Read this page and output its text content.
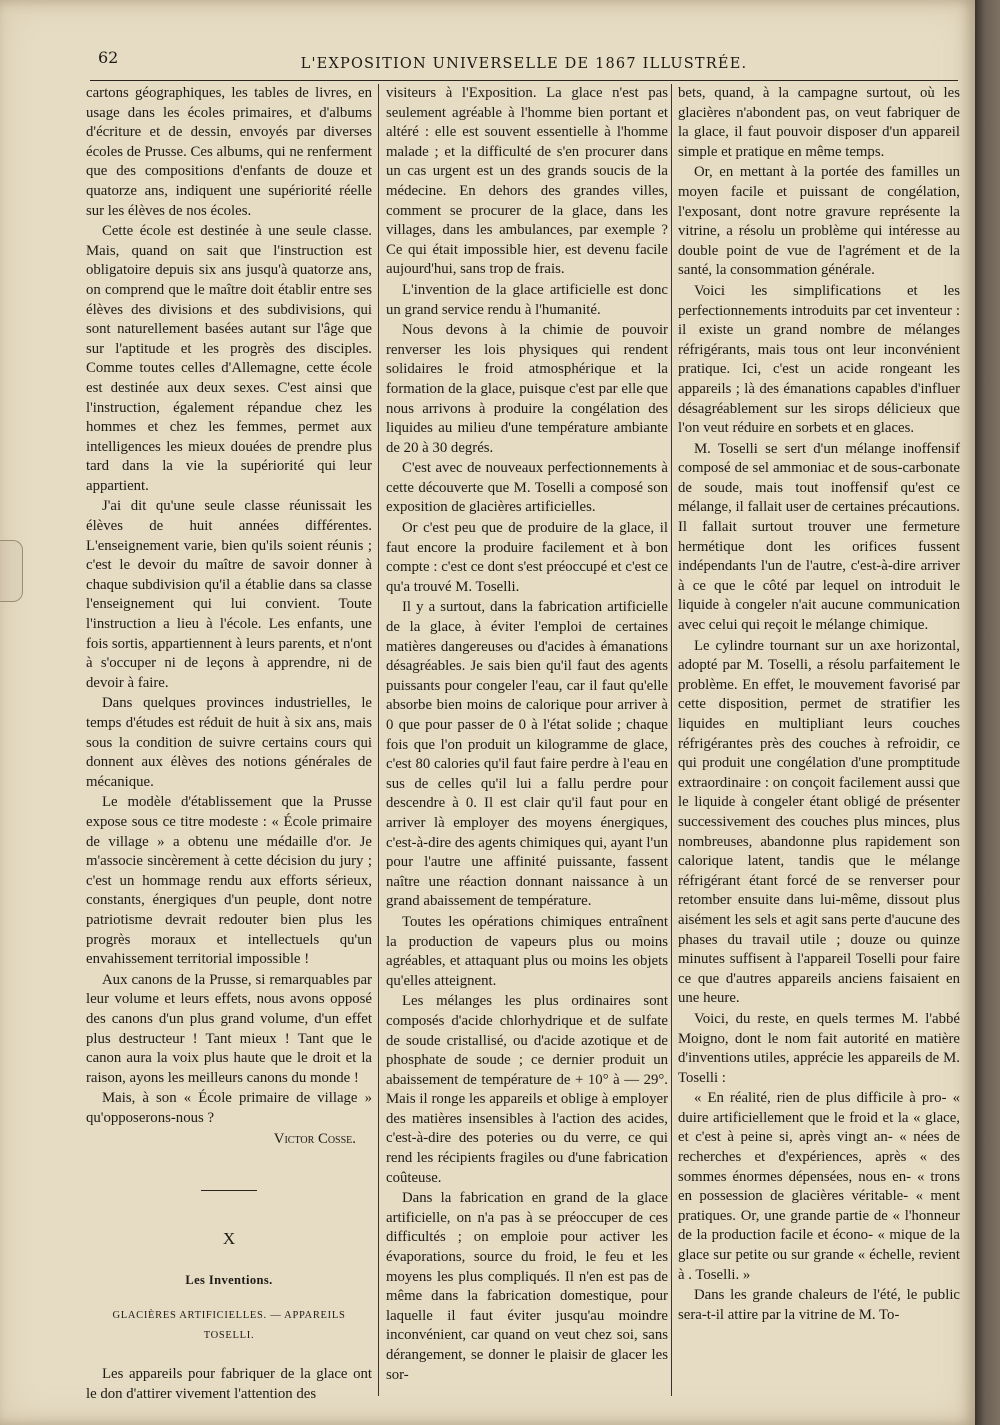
62	L'EXPOSITION UNIVERSELLE DE 1867 ILLUSTRÉE.

cartons géographiques, les tables de livres, en usage dans les écoles primaires, et d'albums d'écriture et de dessin, envoyés par diverses écoles de Prusse. Ces albums, qui ne renferment que des compositions d'enfants de douze et quatorze ans, indiquent une supériorité réelle sur les élèves de nos écoles.

Cette école est destinée à une seule classe. Mais, quand on sait que l'instruction est obligatoire depuis six ans jusqu'à quatorze ans, on comprend que le maître doit établir entre ses élèves des divisions et des subdivisions, qui sont naturellement basées autant sur l'âge que sur l'aptitude et les progrès des disciples. Comme toutes celles d'Allemagne, cette école est destinée aux deux sexes. C'est ainsi que l'instruction, également répandue chez les hommes et chez les femmes, permet aux intelligences les mieux douées de prendre plus tard dans la vie la supériorité qui leur appartient.

J'ai dit qu'une seule classe réunissait les élèves de huit années différentes. L'enseignement varie, bien qu'ils soient réunis ; c'est le devoir du maître de savoir donner à chaque subdivision qu'il a établie dans sa classe l'enseignement qui lui convient. Toute l'instruction a lieu à l'école. Les enfants, une fois sortis, appartiennent à leurs parents, et n'ont à s'occuper ni de leçons à apprendre, ni de devoir à faire.

Dans quelques provinces industrielles, le temps d'études est réduit de huit à six ans, mais sous la condition de suivre certains cours qui donnent aux élèves des notions générales de mécanique.

Le modèle d'établissement que la Prusse expose sous ce titre modeste : « École primaire de village » a obtenu une médaille d'or. Je m'associe sincèrement à cette décision du jury ; c'est un hommage rendu aux efforts sérieux, constants, énergiques d'un peuple, dont notre patriotisme devrait redouter bien plus les progrès moraux et intellectuels qu'un envahissement territorial impossible !

Aux canons de la Prusse, si remarquables par leur volume et leurs effets, nous avons opposé des canons d'un plus grand volume, d'un effet plus destructeur ! Tant mieux ! Tant que le canon aura la voix plus haute que le droit et la raison, ayons les meilleurs canons du monde !

Mais, à son « École primaire de village » qu'opposerons-nous ?

Victor Cosse.
X
Les Inventions.
GLACIÈRES ARTIFICIELLES. — APPAREILS TOSELLI.

Les appareils pour fabriquer de la glace ont le don d'attirer vivement l'attention des

visiteurs à l'Exposition. La glace n'est pas seulement agréable à l'homme bien portant et altéré : elle est souvent essentielle à l'homme malade ; et la difficulté de s'en procurer dans un cas urgent est un des grands soucis de la médecine. En dehors des grandes villes, comment se procurer de la glace, dans les villages, dans les ambulances, par exemple ? Ce qui était impossible hier, est devenu facile aujourd'hui, sans trop de frais.

L'invention de la glace artificielle est donc un grand service rendu à l'humanité.

Nous devons à la chimie de pouvoir renverser les lois physiques qui rendent solidaires le froid atmosphérique et la formation de la glace, puisque c'est par elle que nous arrivons à produire la congélation des liquides au milieu d'une température ambiante de 20 à 30 degrés.

C'est avec de nouveaux perfectionnements à cette découverte que M. Toselli a composé son exposition de glacières artificielles.

Or c'est peu que de produire de la glace, il faut encore la produire facilement et à bon compte : c'est ce dont s'est préoccupé et c'est ce qu'a trouvé M. Toselli.

Il y a surtout, dans la fabrication artificielle de la glace, à éviter l'emploi de certaines matières dangereuses ou d'acides à émanations désagréables. Je sais bien qu'il faut des agents puissants pour congeler l'eau, car il faut qu'elle absorbe bien moins de calorique pour arriver à 0 que pour passer de 0 à l'état solide ; chaque fois que l'on produit un kilogramme de glace, c'est 80 calories qu'il faut faire perdre à l'eau en sus de celles qu'il lui a fallu perdre pour descendre à 0. Il est clair qu'il faut pour en arriver là employer des moyens énergiques, c'est-à-dire des agents chimiques qui, ayant l'un pour l'autre une affinité puissante, fassent naître une réaction donnant naissance à un grand abaissement de température.

Toutes les opérations chimiques entraînent la production de vapeurs plus ou moins agréables, et attaquant plus ou moins les objets qu'elles atteignent.

Les mélanges les plus ordinaires sont composés d'acide chlorhydrique et de sulfate de soude cristallisé, ou d'acide azotique et de phosphate de soude ; ce dernier produit un abaissement de température de + 10° à — 29°. Mais il ronge les appareils et oblige à employer des matières insensibles à l'action des acides, c'est-à-dire des poteries ou du verre, ce qui rend les récipients fragiles ou d'une fabrication coûteuse.

Dans la fabrication en grand de la glace artificielle, on n'a pas à se préoccuper de ces difficultés ; on emploie pour activer les évaporations, source du froid, le feu et les moyens les plus compliqués. Il n'en est pas de même dans la fabrication domestique, pour laquelle il faut éviter jusqu'au moindre inconvénient, car quand on veut chez soi, sans dérangement, se donner le plaisir de glacer les sor-

bets, quand, à la campagne surtout, où les glacières n'abondent pas, on veut fabriquer de la glace, il faut pouvoir disposer d'un appareil simple et pratique en même temps.

Or, en mettant à la portée des familles un moyen facile et puissant de congélation, l'exposant, dont notre gravure représente la vitrine, a résolu un problème qui intéresse au double point de vue de l'agrément et de la santé, la consommation générale.

Voici les simplifications et les perfectionnements introduits par cet inventeur : il existe un grand nombre de mélanges réfrigérants, mais tous ont leur inconvénient pratique. Ici, c'est un acide rongeant les appareils ; là des émanations capables d'influer désagréablement sur les sirops délicieux que l'on veut réduire en sorbets et en glaces.

M. Toselli se sert d'un mélange inoffensif composé de sel ammoniac et de sous-carbonate de soude, mais tout inoffensif qu'est ce mélange, il fallait user de certaines précautions. Il fallait surtout trouver une fermeture hermétique dont les orifices fussent indépendants l'un de l'autre, c'est-à-dire arriver à ce que le côté par lequel on introduit le liquide à congeler n'ait aucune communication avec celui qui reçoit le mélange chimique.

Le cylindre tournant sur un axe horizontal, adopté par M. Toselli, a résolu parfaitement le problème. En effet, le mouvement favorisé par cette disposition, permet de stratifier les liquides en multipliant leurs couches réfrigérantes près des couches à refroidir, ce qui produit une congélation d'une promptitude extraordinaire : on conçoit facilement aussi que le liquide à congeler étant obligé de présenter successivement des couches plus minces, plus nombreuses, abandonne plus rapidement son calorique latent, tandis que le mélange réfrigérant étant forcé de se renverser pour retomber ensuite dans lui-même, dissout plus aisément les sels et agit sans perte d'aucune des phases du travail utile ; douze ou quinze minutes suffisent à l'appareil Toselli pour faire ce que d'autres appareils anciens faisaient en une heure.

Voici, du reste, en quels termes M. l'abbé Moigno, dont le nom fait autorité en matière d'inventions utiles, apprécie les appareils de M. Toselli :

« En réalité, rien de plus difficile à pro- « duire artificiellement que le froid et la « glace, et c'est à peine si, après vingt an- « nées de recherches et d'expériences, après « des sommes énormes dépensées, nous en- « trons en possession de glacières véritable- « ment pratiques. Or, une grande partie de « l'honneur de la production facile et écono- « mique de la glace sur petite ou sur grande « échelle, revient à . Toselli. »

Dans les grande chaleurs de l'été, le public sera-t-il attire par la vitrine de M. To-
